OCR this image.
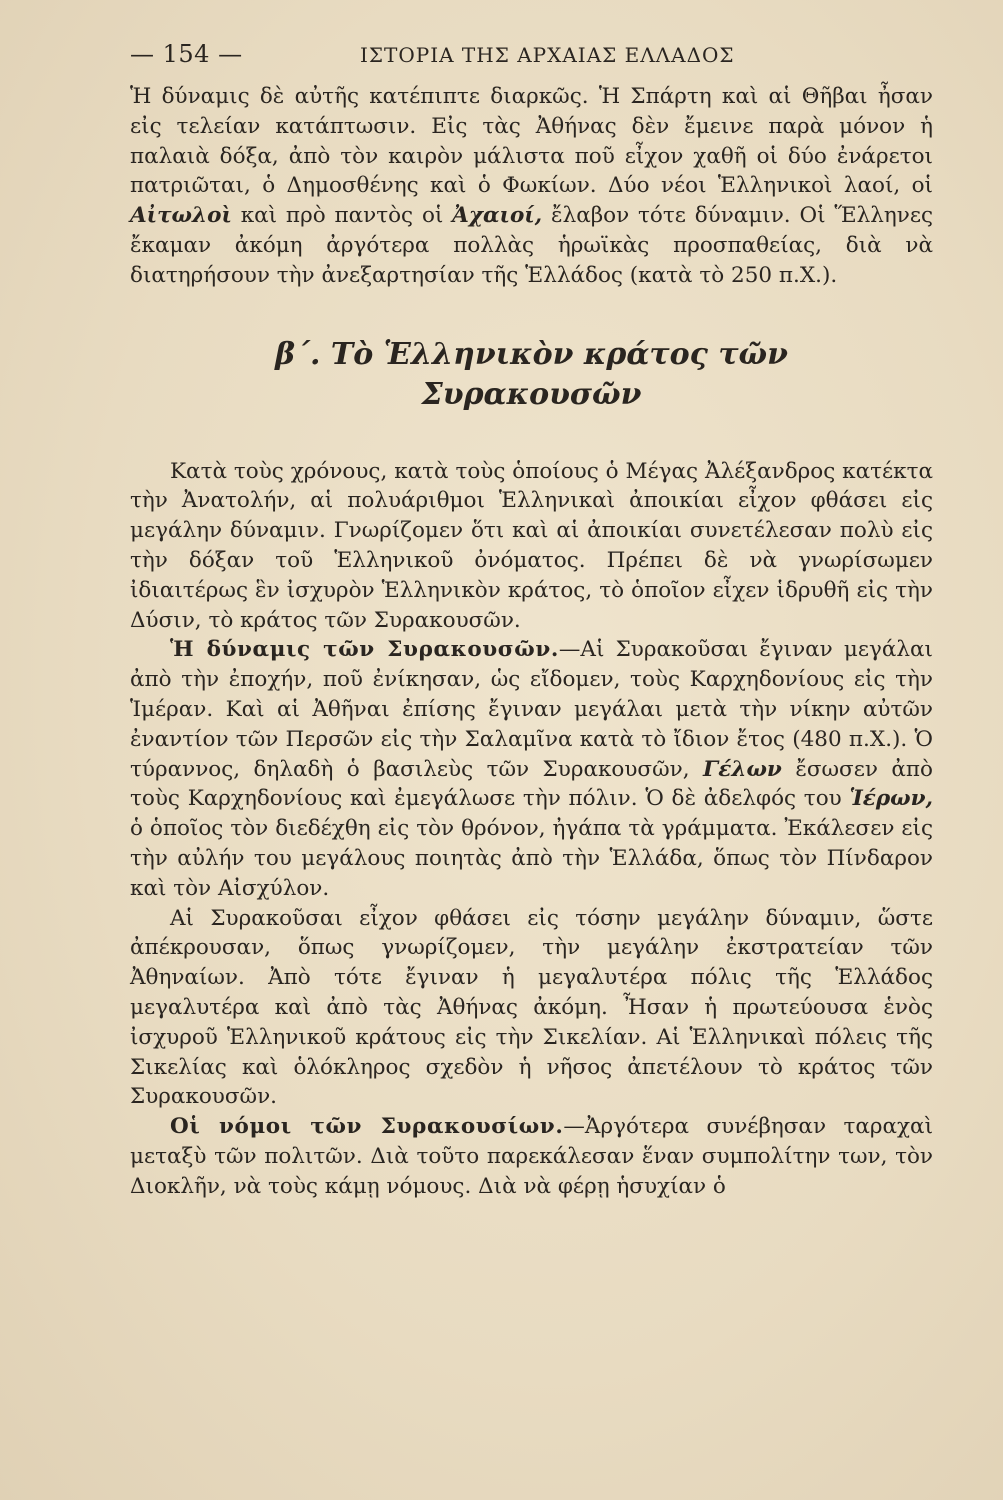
— 154 —	ΙΣΤΟΡΙΑ ΤΗΣ ΑΡΧΑΙΑΣ ΕΛΛΑΔΟΣ

Ἡ δύναμις δὲ αὐτῆς κατέπιπτε διαρκῶς. Ἡ Σπάρτη καὶ αἱ Θῆβαι ἦσαν εἰς τελείαν κατάπτωσιν. Εἰς τὰς Ἀθήνας δὲν ἔμεινε παρὰ μόνον ἡ παλαιὰ δόξα, ἀπὸ τὸν καιρὸν μάλιστα ποῦ εἶχον χαθῆ οἱ δύο ἐνάρετοι πατριῶται, ὁ Δημοσθένης καὶ ὁ Φωκίων. Δύο νέοι Ἑλληνικοὶ λαοί, οἱ Αἰτωλοὶ καὶ πρὸ παντὸς οἱ Ἀχαιοί, ἔλαβον τότε δύναμιν. Οἱ Ἕλληνες ἔκαμαν ἀκόμη ἀργότερα πολλὰς ἡρωϊκὰς προσπαθείας, διὰ νὰ διατηρήσουν τὴν ἀνεξαρτησίαν τῆς Ἑλλάδος (κατὰ τὸ 250 π.Χ.).

β΄. Τὸ Ἑλληνικὸν κράτος τῶν
Συρακουσῶν

Κατὰ τοὺς χρόνους, κατὰ τοὺς ὁποίους ὁ Μέγας Ἀλέξανδρος κατέκτα τὴν Ἀνατολήν, αἱ πολυάριθμοι Ἑλληνικαὶ ἀποικίαι εἶχον φθάσει εἰς μεγάλην δύναμιν. Γνωρίζομεν ὅτι καὶ αἱ ἀποικίαι συνετέλεσαν πολὺ εἰς τὴν δόξαν τοῦ Ἑλληνικοῦ ὀνόματος. Πρέπει δὲ νὰ γνωρίσωμεν ἰδιαιτέρως ἓν ἰσχυρὸν Ἑλληνικὸν κράτος, τὸ ὁποῖον εἶχεν ἱδρυθῆ εἰς τὴν Δύσιν, τὸ κράτος τῶν Συρακουσῶν.

Ἡ δύναμις τῶν Συρακουσῶν.—Αἱ Συρακοῦσαι ἔγιναν μεγάλαι ἀπὸ τὴν ἐποχήν, ποῦ ἐνίκησαν, ὡς εἴδομεν, τοὺς Καρχηδονίους εἰς τὴν Ἱμέραν. Καὶ αἱ Ἀθῆναι ἐπίσης ἔγιναν μεγάλαι μετὰ τὴν νίκην αὐτῶν ἐναντίον τῶν Περσῶν εἰς τὴν Σαλαμῖνα κατὰ τὸ ἴδιον ἔτος (480 π.Χ.). Ὁ τύραννος, δηλαδὴ ὁ βασιλεὺς τῶν Συρακουσῶν, Γέλων ἔσωσεν ἀπὸ τοὺς Καρχηδονίους καὶ ἐμεγάλωσε τὴν πόλιν. Ὁ δὲ ἀδελφός του Ἱέρων, ὁ ὁποῖος τὸν διεδέχθη εἰς τὸν θρόνον, ἠγάπα τὰ γράμματα. Ἐκάλεσεν εἰς τὴν αὐλήν του μεγάλους ποιητὰς ἀπὸ τὴν Ἑλλάδα, ὅπως τὸν Πίνδαρον καὶ τὸν Αἰσχύλον.

Αἱ Συρακοῦσαι εἶχον φθάσει εἰς τόσην μεγάλην δύναμιν, ὥστε ἀπέκρουσαν, ὅπως γνωρίζομεν, τὴν μεγάλην ἐκστρατείαν τῶν Ἀθηναίων. Ἀπὸ τότε ἔγιναν ἡ μεγαλυτέρα πόλις τῆς Ἑλλάδος μεγαλυτέρα καὶ ἀπὸ τὰς Ἀθήνας ἀκόμη. Ἦσαν ἡ πρωτεύουσα ἑνὸς ἰσχυροῦ Ἑλληνικοῦ κράτους εἰς τὴν Σικελίαν. Αἱ Ἑλληνικαὶ πόλεις τῆς Σικελίας καὶ ὁλόκληρος σχεδὸν ἡ νῆσος ἀπετέλουν τὸ κράτος τῶν Συρακουσῶν.

Οἱ νόμοι τῶν Συρακουσίων.—Ἀργότερα συνέβησαν ταραχαὶ μεταξὺ τῶν πολιτῶν. Διὰ τοῦτο παρεκάλεσαν ἕναν συμπολίτην των, τὸν Διοκλῆν, νὰ τοὺς κάμῃ νόμους. Διὰ νὰ φέρῃ ἡσυχίαν ὁ
